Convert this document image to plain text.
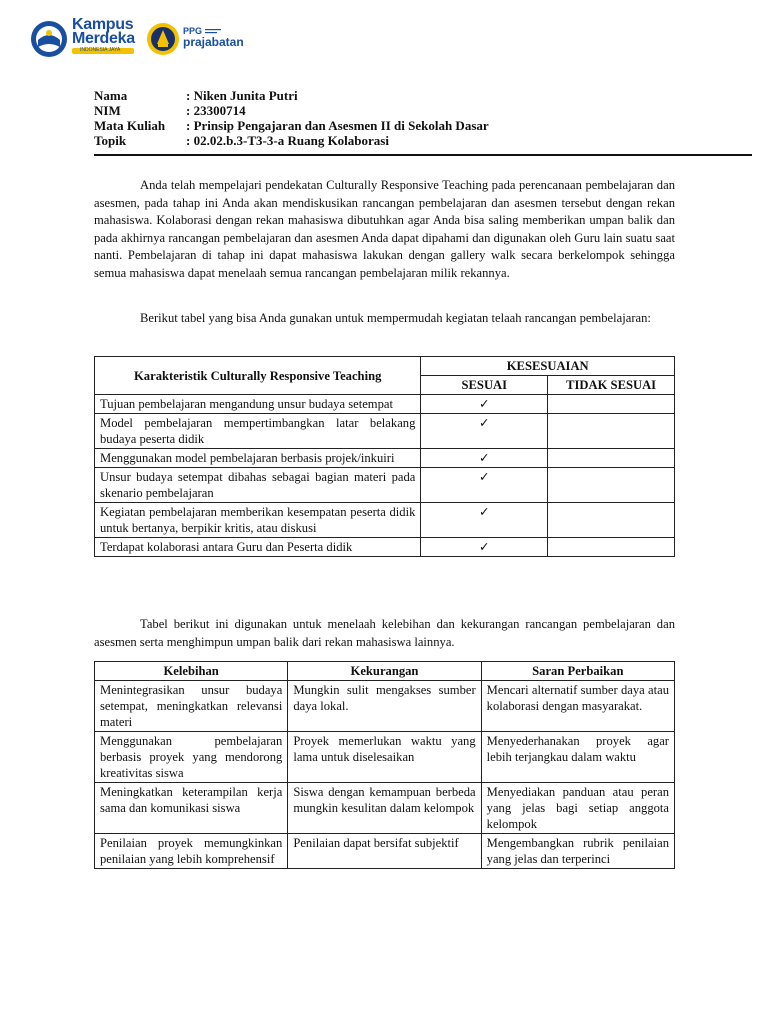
Kampus
Merdeka
INDONESIA JAYA
PPG
prajabatan
Nama	: Niken Junita Putri
NIM	: 23300714
Mata Kuliah	: Prinsip Pengajaran dan Asesmen II di Sekolah Dasar
Topik	: 02.02.b.3-T3-3-a Ruang Kolaborasi

Anda telah mempelajari pendekatan Culturally Responsive Teaching pada perencanaan pembelajaran dan asesmen, pada tahap ini Anda akan mendiskusikan rancangan pembelajaran dan asesmen tersebut dengan rekan mahasiswa. Kolaborasi dengan rekan mahasiswa dibutuhkan agar Anda bisa saling memberikan umpan balik dan pada akhirnya rancangan pembelajaran dan asesmen Anda dapat dipahami dan digunakan oleh Guru lain suatu saat nanti. Pembelajaran di tahap ini dapat mahasiswa lakukan dengan gallery walk secara berkelompok sehingga semua mahasiswa dapat menelaah semua rancangan pembelajaran milik rekannya.

Berikut tabel yang bisa Anda gunakan untuk mempermudah kegiatan telaah rancangan pembelajaran:

Karakteristik Culturally Responsive Teaching	KESESUAIAN	
	SESUAI	TIDAK SESUAI
Tujuan pembelajaran mengandung unsur budaya setempat	✓	
Model pembelajaran mempertimbangkan latar belakang budaya peserta didik	✓	
Menggunakan model pembelajaran berbasis projek/inkuiri	✓	
Unsur budaya setempat dibahas sebagai bagian materi pada skenario pembelajaran	✓	
Kegiatan pembelajaran memberikan kesempatan peserta didik untuk bertanya, berpikir kritis, atau diskusi	✓	
Terdapat kolaborasi antara Guru dan Peserta didik	✓	

Tabel berikut ini digunakan untuk menelaah kelebihan dan kekurangan rancangan pembelajaran dan asesmen serta menghimpun umpan balik dari rekan mahasiswa lainnya.

Kelebihan	Kekurangan	Saran Perbaikan
Menintegrasikan unsur budaya setempat, meningkatkan relevansi materi	Mungkin sulit mengakses sumber daya lokal.	Mencari alternatif sumber daya atau kolaborasi dengan masyarakat.
Menggunakan pembelajaran berbasis proyek yang mendorong kreativitas siswa	Proyek memerlukan waktu yang lama untuk diselesaikan	Menyederhanakan proyek agar lebih terjangkau dalam waktu
Meningkatkan keterampilan kerja sama dan komunikasi siswa	Siswa dengan kemampuan berbeda mungkin kesulitan dalam kelompok	Menyediakan panduan atau peran yang jelas bagi setiap anggota kelompok
Penilaian proyek memungkinkan penilaian yang lebih komprehensif	Penilaian dapat bersifat subjektif	Mengembangkan rubrik penilaian yang jelas dan terperinci
